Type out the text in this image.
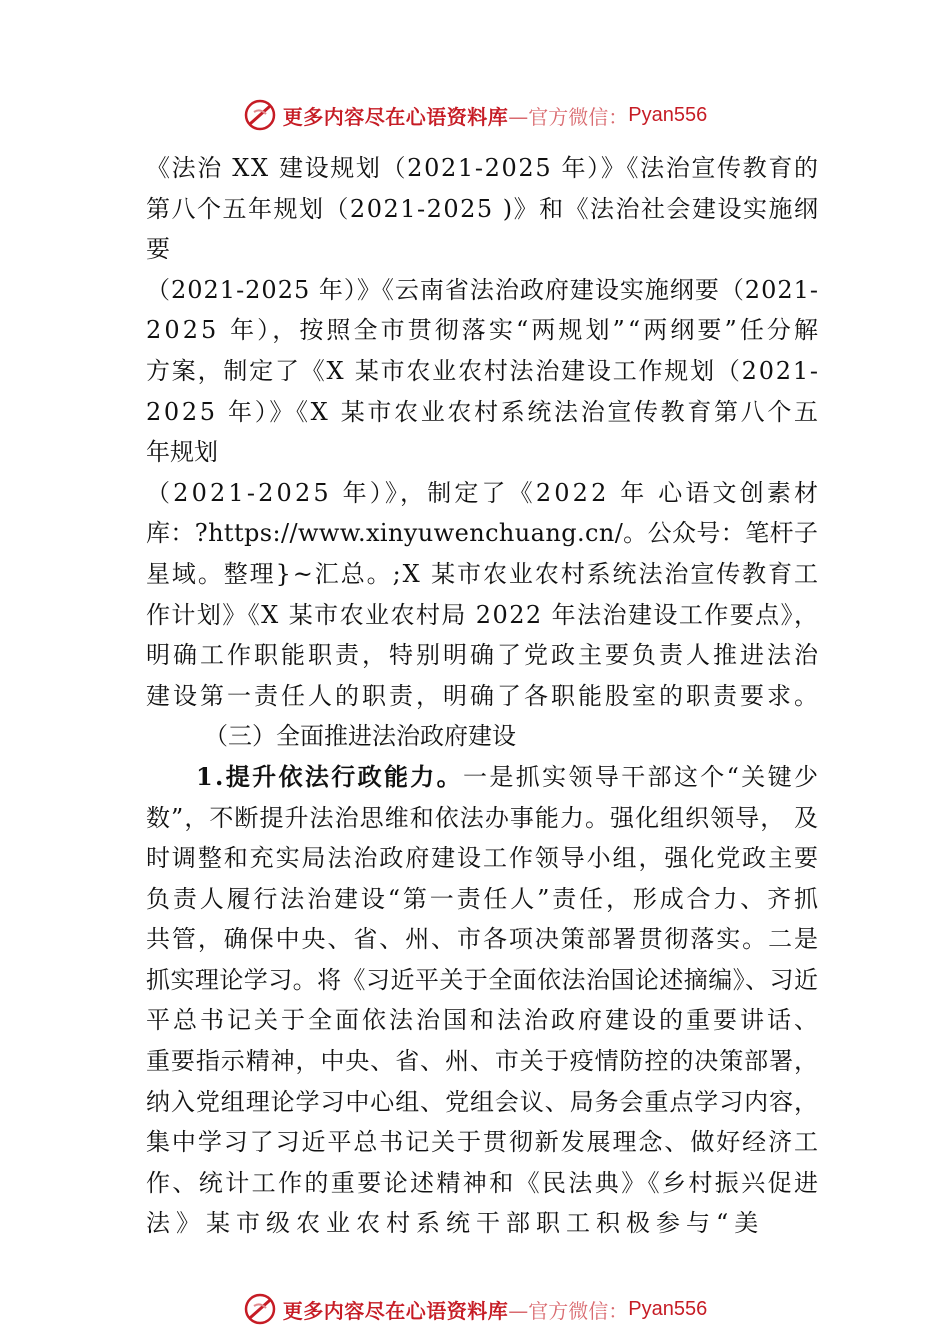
更多内容尽在心语资料库 —官方微信： Pyan556
《法治 XX 建设规划（2021-2025 年）》《法治宣传教育的
第八个五年规划（2021-2025 )》和《法治社会建设实施纲
要
（2021-2025 年）》《云南省法治政府建设实施纲要（2021-
2025 年），按照全市贯彻落实“两规划”“两纲要”任分解
方案，制定了《X 某市农业农村法治建设工作规划（2021-
2025 年）》《X 某市农业农村系统法治宣传教育第八个五
年规划
（2021-2025 年）》，制定了《2022 年 心语文创素材
库：?https://www.xinyuwenchuang.cn/。公众号：笔杆子
星域。整理}~汇总。;X 某市农业农村系统法治宣传教育工
作计划》《X 某市农业农村局 2022 年法治建设工作要点》，
明确工作职能职责，特别明确了党政主要负责人推进法治
建设第一责任人的职责，明确了各职能股室的职责要求。
（三）全面推进法治政府建设
1.提升依法行政能力。一是抓实领导干部这个“关键少
数”，不断提升法治思维和依法办事能力。强化组织领导， 及
时调整和充实局法治政府建设工作领导小组，强化党政主要
负责人履行法治建设“第一责任人”责任，形成合力、齐抓
共管，确保中央、省、州、市各项决策部署贯彻落实。二是
抓实理论学习。将《习近平关于全面依法治国论述摘编》、习近
平总书记关于全面依法治国和法治政府建设的重要讲话、
重要指示精神，中央、省、州、市关于疫情防控的决策部署，
纳入党组理论学习中心组、党组会议、局务会重点学习内容，
集中学习了习近平总书记关于贯彻新发展理念、做好经济工
作、统计工作的重要论述精神和《民法典》《乡村振兴促进
法》某市级农业农村系统干部职工积极参与“美
更多内容尽在心语资料库 —官方微信： Pyan556
